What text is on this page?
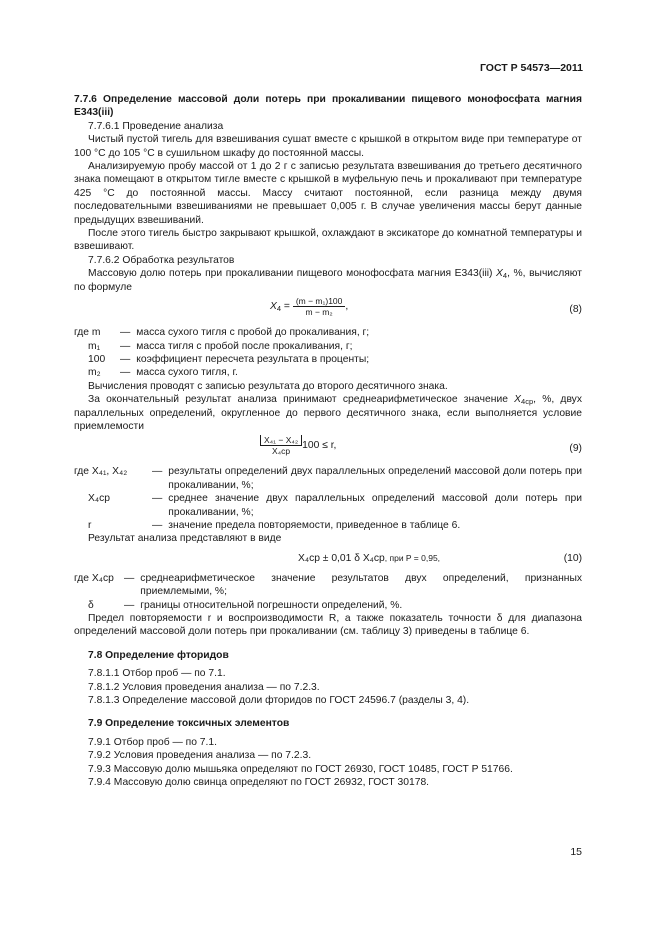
ГОСТ Р 54573—2011
7.7.6 Определение массовой доли потерь при прокаливании пищевого монофосфата магния Е343(iii)

7.7.6.1 Проведение анализа

Чистый пустой тигель для взвешивания сушат вместе с крышкой в открытом виде при температуре от 100 °С до 105 °С в сушильном шкафу до постоянной массы.

Анализируемую пробу массой от 1 до 2 г с записью результата взвешивания до третьего десятичного знака помещают в открытом тигле вместе с крышкой в муфельную печь и прокаливают при температуре 425 °С до постоянной массы. Массу считают постоянной, если разница между двумя последовательными взвешиваниями не превышает 0,005 г. В случае увеличения массы берут данные предыдущих взвешиваний.

После этого тигель быстро закрывают крышкой, охлаждают в эксикаторе до комнатной температуры и взвешивают.

7.7.6.2 Обработка результатов

Массовую долю потерь при прокаливании пищевого монофосфата магния Е343(iii) $X_4$, %, вычисляют по формуле

$X_4 = \frac{\text{(m − m₁)100}}{\text{m − m₂}}$ ,	(8)
где m	— масса сухого тигля с пробой до прокаливания, г;
m₁	— масса тигля с пробой после прокаливания, г;
100	— коэффициент пересчета результата в проценты;
m₂	— масса сухого тигля, г.

Вычисления проводят с записью результата до второго десятичного знака.

За окончательный результат анализа принимают среднеарифметическое значение $X_{4ср}$, %, двух параллельных определений, округленное до первого десятичного знака, если выполняется условие приемлемости

$\frac{\text{X₄₁ − X₄₂}}{\text{X₄ср}} 100 \le r$,	(9)
где X₄₁, X₄₂	— результаты определений двух параллельных определений массовой доли потерь при прокаливании, %;
X₄ср	— среднее значение двух параллельных определений массовой доли потерь при прокаливании, %;
r	— значение предела повторяемости, приведенное в таблице 6.

Результат анализа представляют в виде

X₄ср ± 0,01 δ X₄ср, при P = 0,95,	(10)
где X₄ср — среднеарифметическое значение результатов двух определений, признанных приемлемыми, %;
δ	— границы относительной погрешности определений, %.

Предел повторяемости r и воспроизводимости R, а также показатель точности δ для диапазона определений массовой доли потерь при прокаливании (см. таблицу 3) приведены в таблице 6.

7.8 Определение фторидов

7.8.1.1 Отбор проб — по 7.1.

7.8.1.2 Условия проведения анализа — по 7.2.3.

7.8.1.3 Определение массовой доли фторидов по ГОСТ 24596.7 (разделы 3, 4).

7.9 Определение токсичных элементов

7.9.1 Отбор проб — по 7.1.

7.9.2 Условия проведения анализа — по 7.2.3.

7.9.3 Массовую долю мышьяка определяют по ГОСТ 26930, ГОСТ 10485, ГОСТ Р 51766.

7.9.4 Массовую долю свинца определяют по ГОСТ 26932, ГОСТ 30178.

15
